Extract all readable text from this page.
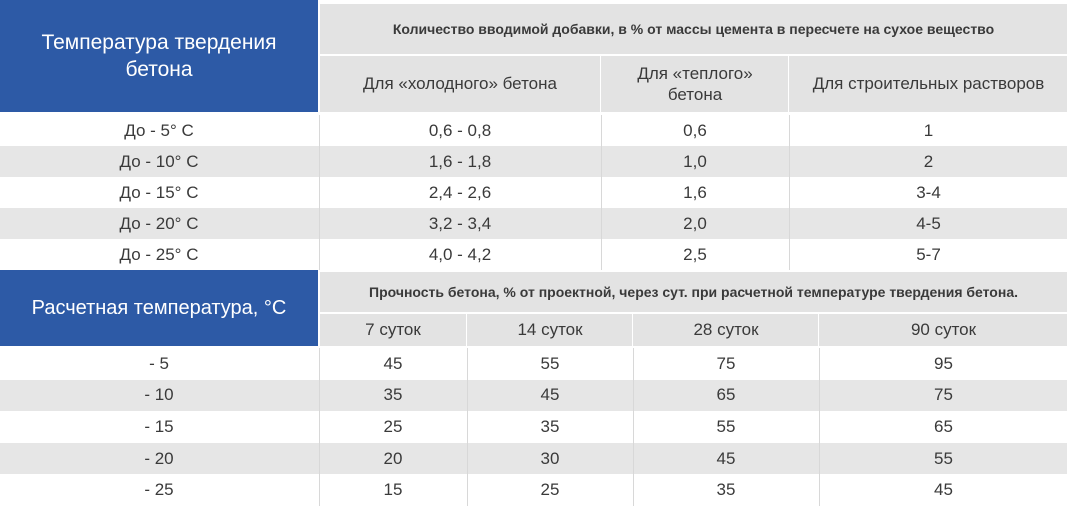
Температура твердения бетона
Количество вводимой добавки, в % от массы цемента в пересчете на сухое вещество
Для «холодного» бетона
Для «теплого» бетона
Для строительных растворов
До - 5° С	0,6 - 0,8	0,6	1
До - 10° С	1,6 - 1,8	1,0	2
До - 15° С	2,4 - 2,6	1,6	3-4
До - 20° С	3,2 - 3,4	2,0	4-5
До - 25° С	4,0 - 4,2	2,5	5-7
Расчетная температура, °С
Прочность бетона, % от проектной, через сут. при расчетной температуре твердения бетона.
7 суток	14 суток	28 суток	90 суток
- 5	45	55	75	95
- 10	35	45	65	75
- 15	25	35	55	65
- 20	20	30	45	55
- 25	15	25	35	45
